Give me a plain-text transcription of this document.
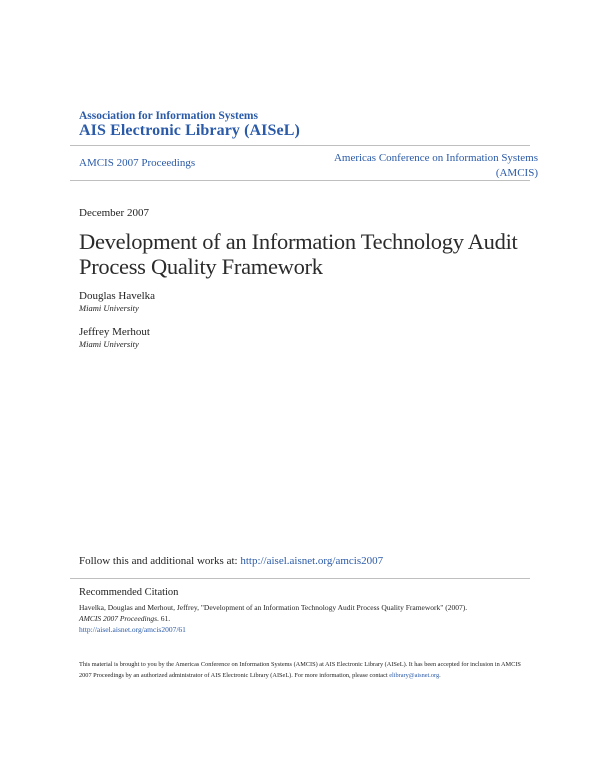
Association for Information Systems
AIS Electronic Library (AISeL)
AMCIS 2007 Proceedings	Americas Conference on Information Systems
(AMCIS)
December 2007
Development of an Information Technology Audit Process Quality Framework
Douglas Havelka
Miami University
Jeffrey Merhout
Miami University
Follow this and additional works at: http://aisel.aisnet.org/amcis2007
Recommended Citation
Havelka, Douglas and Merhout, Jeffrey, "Development of an Information Technology Audit Process Quality Framework" (2007).
AMCIS 2007 Proceedings. 61.
http://aisel.aisnet.org/amcis2007/61
This material is brought to you by the Americas Conference on Information Systems (AMCIS) at AIS Electronic Library (AISeL). It has been accepted for inclusion in AMCIS 2007 Proceedings by an authorized administrator of AIS Electronic Library (AISeL). For more information, please contact elibrary@aisnet.org.
